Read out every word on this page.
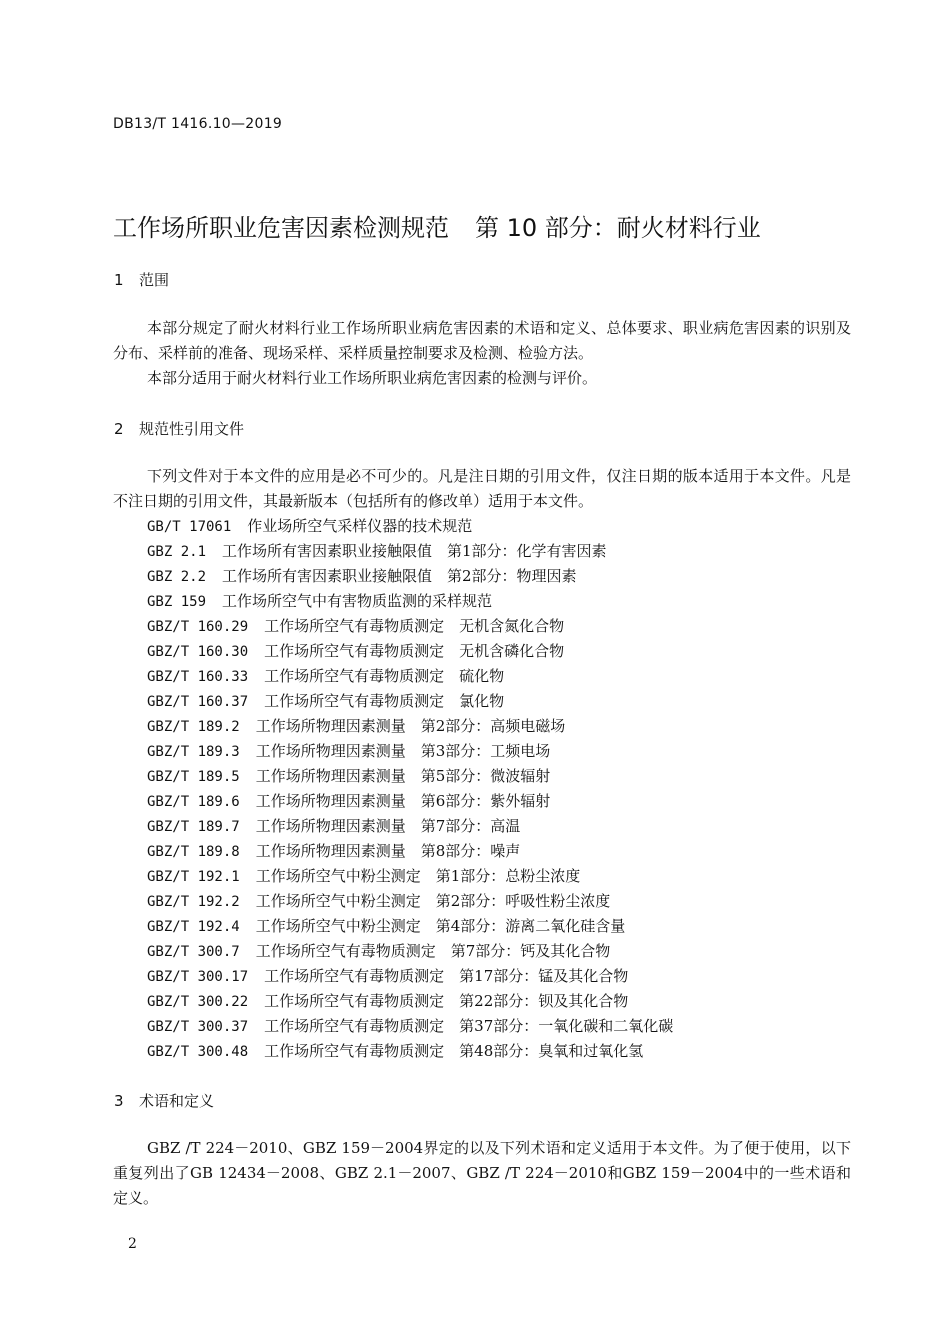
DB13/T 1416.10—2019
工作场所职业危害因素检测规范 第 10 部分：耐火材料行业
1 范围

本部分规定了耐火材料行业工作场所职业病危害因素的术语和定义、总体要求、职业病危害因素的识别及分布、采样前的准备、现场采样、采样质量控制要求及检测、检验方法。

本部分适用于耐火材料行业工作场所职业病危害因素的检测与评价。

2 规范性引用文件

下列文件对于本文件的应用是必不可少的。凡是注日期的引用文件，仅注日期的版本适用于本文件。凡是不注日期的引用文件，其最新版本（包括所有的修改单）适用于本文件。

GB/T 17061 作业场所空气采样仪器的技术规范
GBZ 2.1 工作场所有害因素职业接触限值　第1部分：化学有害因素
GBZ 2.2 工作场所有害因素职业接触限值　第2部分：物理因素
GBZ 159 工作场所空气中有害物质监测的采样规范
GBZ/T 160.29 工作场所空气有毒物质测定　无机含氮化合物
GBZ/T 160.30 工作场所空气有毒物质测定　无机含磷化合物
GBZ/T 160.33 工作场所空气有毒物质测定　硫化物
GBZ/T 160.37 工作场所空气有毒物质测定　氯化物
GBZ/T 189.2 工作场所物理因素测量　第2部分：高频电磁场
GBZ/T 189.3 工作场所物理因素测量　第3部分：工频电场
GBZ/T 189.5 工作场所物理因素测量　第5部分：微波辐射
GBZ/T 189.6 工作场所物理因素测量　第6部分：紫外辐射
GBZ/T 189.7 工作场所物理因素测量　第7部分：高温
GBZ/T 189.8 工作场所物理因素测量　第8部分：噪声
GBZ/T 192.1 工作场所空气中粉尘测定　第1部分：总粉尘浓度
GBZ/T 192.2 工作场所空气中粉尘测定　第2部分：呼吸性粉尘浓度
GBZ/T 192.4 工作场所空气中粉尘测定　第4部分：游离二氧化硅含量
GBZ/T 300.7 工作场所空气有毒物质测定　第7部分：钙及其化合物
GBZ/T 300.17 工作场所空气有毒物质测定　第17部分：锰及其化合物
GBZ/T 300.22 工作场所空气有毒物质测定　第22部分：钡及其化合物
GBZ/T 300.37 工作场所空气有毒物质测定　第37部分：一氧化碳和二氧化碳
GBZ/T 300.48 工作场所空气有毒物质测定　第48部分：臭氧和过氧化氢
3 术语和定义

GBZ /T 224－2010、GBZ 159－2004界定的以及下列术语和定义适用于本文件。为了便于使用，以下重复列出了GB 12434－2008、GBZ 2.1－2007、GBZ /T 224－2010和GBZ 159－2004中的一些术语和定义。

2
